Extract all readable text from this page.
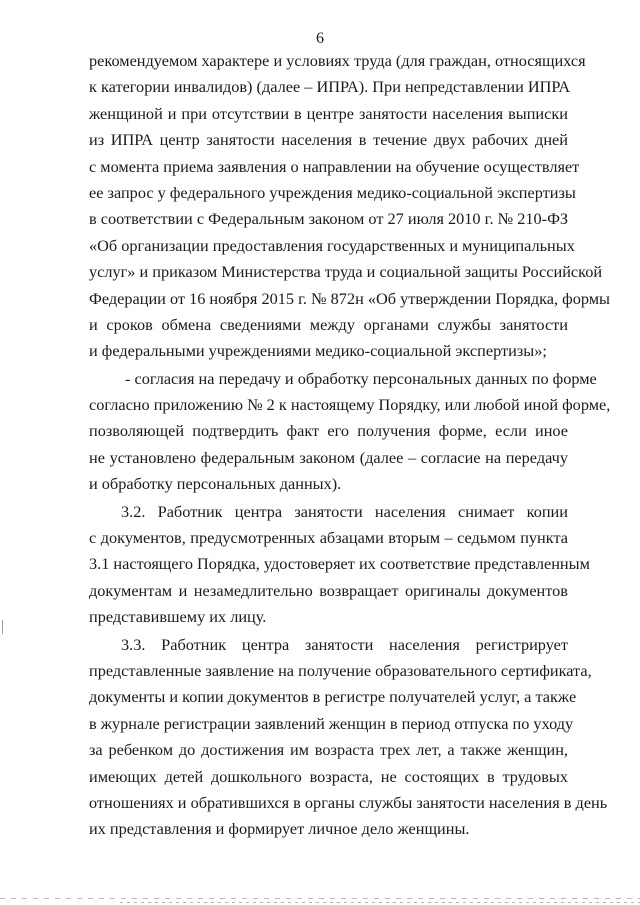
6
рекомендуемом характере и условиях труда (для граждан, относящихся
к категории инвалидов) (далее – ИПРА). При непредставлении ИПРА
женщиной и при отсутствии в центре занятости населения выписки
из ИПРА центр занятости населения в течение двух рабочих дней
с момента приема заявления о направлении на обучение осуществляет
ее запрос у федерального учреждения медико-социальной экспертизы
в соответствии с Федеральным законом от 27 июля 2010 г. № 210-ФЗ
«Об организации предоставления государственных и муниципальных
услуг» и приказом Министерства труда и социальной защиты Российской
Федерации от 16 ноября 2015 г. № 872н «Об утверждении Порядка, формы
и сроков обмена сведениями между органами службы занятости
и федеральными учреждениями медико-социальной экспертизы»;
- согласия на передачу и обработку персональных данных по форме
согласно приложению № 2 к настоящему Порядку, или любой иной форме,
позволяющей подтвердить факт его получения форме, если иное
не установлено федеральным законом (далее – согласие на передачу
и обработку персональных данных).
3.2. Работник центра занятости населения снимает копии
с документов, предусмотренных абзацами вторым – седьмом пункта
3.1 настоящего Порядка, удостоверяет их соответствие представленным
документам и незамедлительно возвращает оригиналы документов
представившему их лицу.
3.3. Работник центра занятости населения регистрирует
представленные заявление на получение образовательного сертификата,
документы и копии документов в регистре получателей услуг, а также
в журнале регистрации заявлений женщин в период отпуска по уходу
за ребенком до достижения им возраста трех лет, а также женщин,
имеющих детей дошкольного возраста, не состоящих в трудовых
отношениях и обратившихся в органы службы занятости населения в день
их представления и формирует личное дело женщины.
